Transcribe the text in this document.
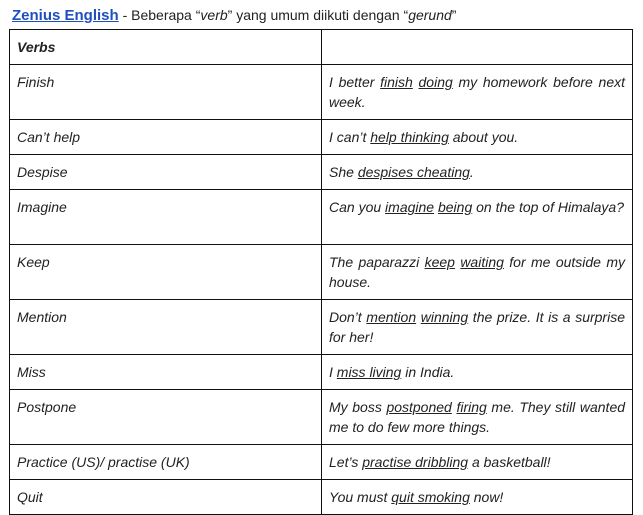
Zenius English - Beberapa “verb” yang umum diikuti dengan “gerund”
Verbs	
Finish	I better finish doing my homework before next week.
Can’t help	I can’t help thinking about you.
Despise	She despises cheating.
Imagine	Can you imagine being on the top of Himalaya?
Keep	The paparazzi keep waiting for me outside my house.
Mention	Don’t mention winning the prize. It is a surprise for her!
Miss	I miss living in India.
Postpone	My boss postponed firing me. They still wanted me to do few more things.
Practice (US)/ practise (UK)	Let’s practise dribbling a basketball!
Quit	You must quit smoking now!
